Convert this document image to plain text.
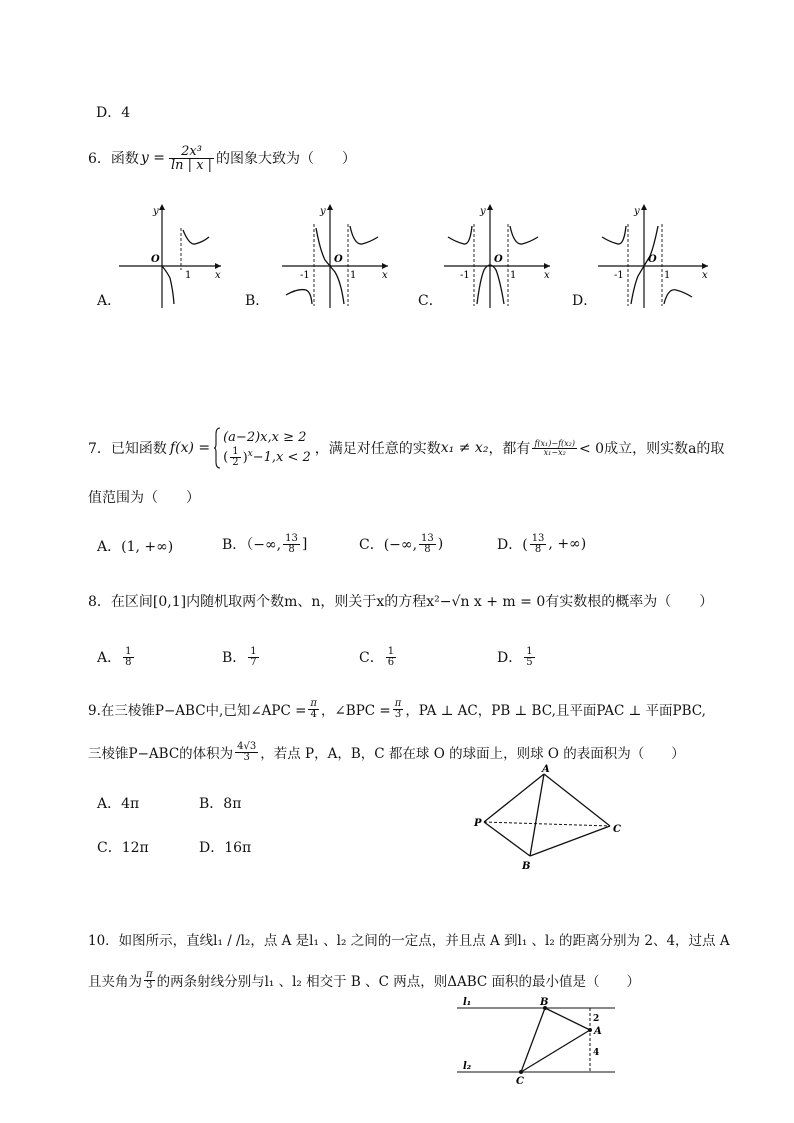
D．4
6．函数 $y = \frac{\text{2x³}}{\ln | x |}$ 的图象大致为（　　）
A．	B．	C．	D．
y
x
O
1
y
x
O
1
-1
y
x
O
1
-1
y
x
O
1
-1
7．已知函数 f(x) =
(a−2)x,x ≥ 2
( $\frac{1}{2} )^x -1,x < 2$
，满足对任意的实数 x₁ ≠ x₂ ，都有 $\frac{\text{f(x₁)−f(x₂)}}{\text{x₁−x₂}} < 0$成立，则实数a的取
值范围为（　　）
A．(1, +∞)	B．（−∞, $\frac{13}{8}$ ]	C．(−∞, $\frac{13}{8}$ )	D．( $\frac{13}{8}$ , +∞)
8．在区间[0,1]内随机取两个数m、n，则关于x的方程x²−√n x + m = 0有实数根的概率为（　　）
A． $\frac{1}{8}$	B． $\frac{1}{7}$	C． $\frac{1}{6}$	D． $\frac{1}{5}$
9.在三棱锥P−ABC中,已知∠APC = $\frac{\pi}{4}$ ，∠BPC = $\frac{\pi}{3}$ ，PA ⊥ AC，PB ⊥ BC,且平面PAC ⊥ 平面PBC,
三棱锥P−ABC的体积为 $\frac{4√3}{3}$ ，若点 P，A，B，C 都在球 O 的球面上，则球 O 的表面积为（　　）
A．4π	B．8π
C．12π	D．16π
A
P
C
B
10．如图所示，直线l₁ / /l₂，点 A 是l₁ 、l₂ 之间的一定点，并且点 A 到l₁ 、l₂ 的距离分别为 2、4，过点 A
且夹角为 $\frac{\pi}{3}$ 的两条射线分别与l₁ 、l₂ 相交于 B 、C 两点，则ΔABC 面积的最小值是（　　）
l₁
l₂
B
A
C
2
4
